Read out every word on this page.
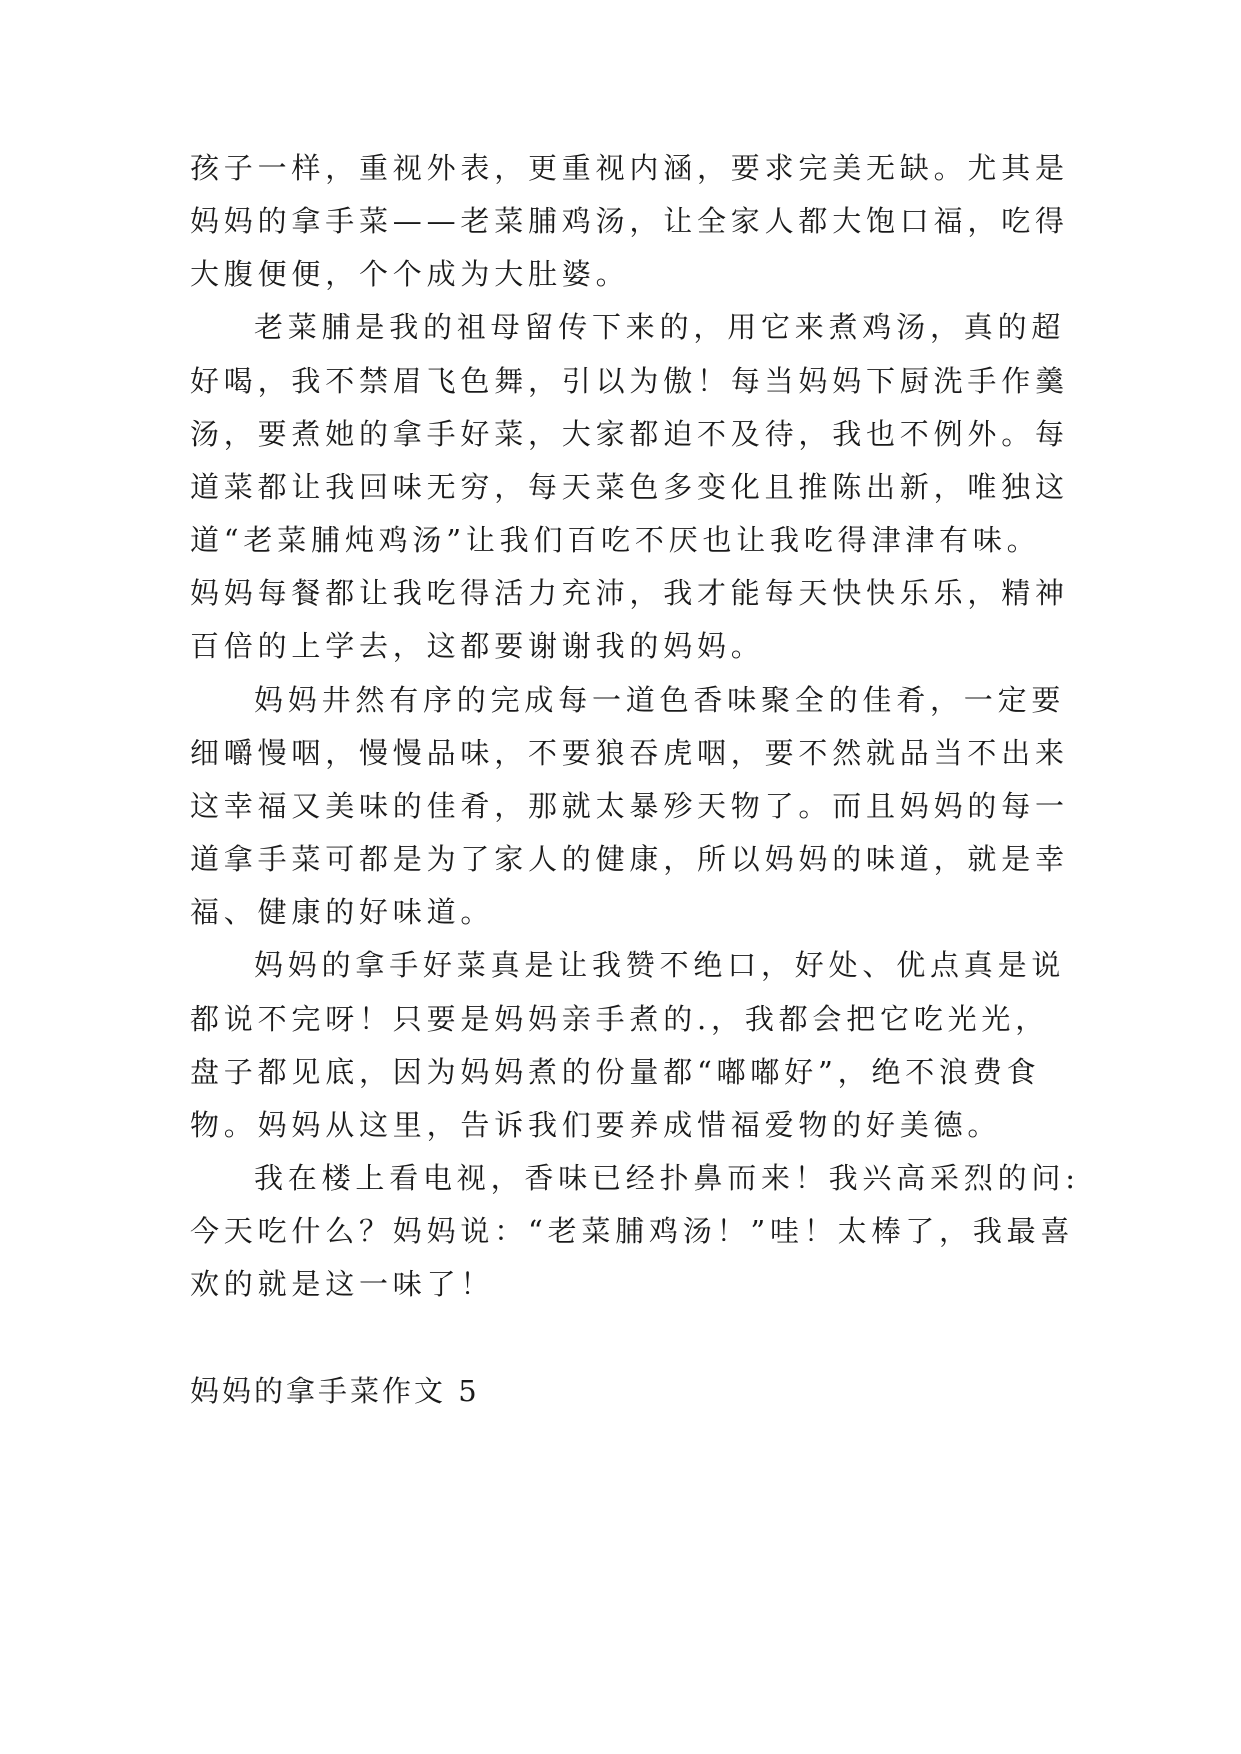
孩子一样，重视外表，更重视内涵，要求完美无缺。尤其是
妈妈的拿手菜——老菜脯鸡汤，让全家人都大饱口福，吃得
大腹便便，个个成为大肚婆。
老菜脯是我的祖母留传下来的，用它来煮鸡汤，真的超
好喝，我不禁眉飞色舞，引以为傲！每当妈妈下厨洗手作羹
汤，要煮她的拿手好菜，大家都迫不及待，我也不例外。每
道菜都让我回味无穷，每天菜色多变化且推陈出新，唯独这
道“老菜脯炖鸡汤”让我们百吃不厌也让我吃得津津有味。
妈妈每餐都让我吃得活力充沛，我才能每天快快乐乐，精神
百倍的上学去，这都要谢谢我的妈妈。
妈妈井然有序的完成每一道色香味聚全的佳肴，一定要
细嚼慢咽，慢慢品味，不要狼吞虎咽，要不然就品当不出来
这幸福又美味的佳肴，那就太暴殄天物了。而且妈妈的每一
道拿手菜可都是为了家人的健康，所以妈妈的味道，就是幸
福、健康的好味道。
妈妈的拿手好菜真是让我赞不绝口，好处、优点真是说
都说不完呀！只要是妈妈亲手煮的.，我都会把它吃光光，
盘子都见底，因为妈妈煮的份量都“嘟嘟好”，绝不浪费食
物。妈妈从这里，告诉我们要养成惜福爱物的好美德。
我在楼上看电视，香味已经扑鼻而来！我兴高采烈的问:
今天吃什么？妈妈说：“老菜脯鸡汤！”哇！太棒了，我最喜
欢的就是这一味了！
妈妈的拿手菜作文 5
